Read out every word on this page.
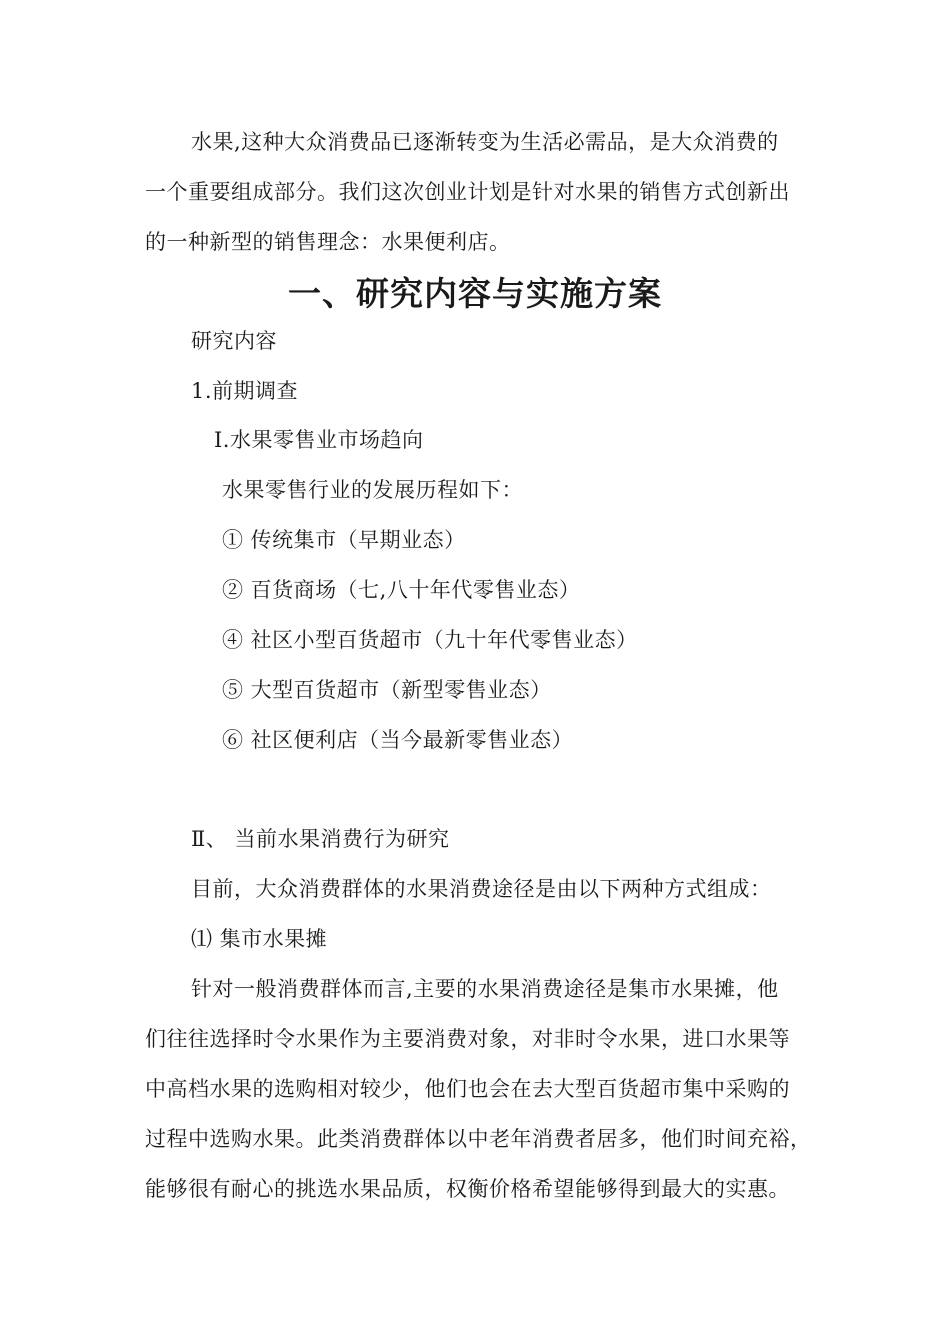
水果,这种大众消费品已逐渐转变为生活必需品，是大众消费的
一个重要组成部分。我们这次创业计划是针对水果的销售方式创新出
的一种新型的销售理念：水果便利店。
一、研究内容与实施方案
研究内容
1.前期调查
Ⅰ.水果零售业市场趋向
水果零售行业的发展历程如下：
① 传统集市（早期业态）
② 百货商场（七,八十年代零售业态）
④ 社区小型百货超市（九十年代零售业态）
⑤ 大型百货超市（新型零售业态）
⑥ 社区便利店（当今最新零售业态）
Ⅱ、 当前水果消费行为研究
目前，大众消费群体的水果消费途径是由以下两种方式组成：
⑴ 集市水果摊
针对一般消费群体而言,主要的水果消费途径是集市水果摊，他
们往往选择时令水果作为主要消费对象，对非时令水果，进口水果等
中高档水果的选购相对较少，他们也会在去大型百货超市集中采购的
过程中选购水果。此类消费群体以中老年消费者居多，他们时间充裕，
能够很有耐心的挑选水果品质，权衡价格希望能够得到最大的实惠。
